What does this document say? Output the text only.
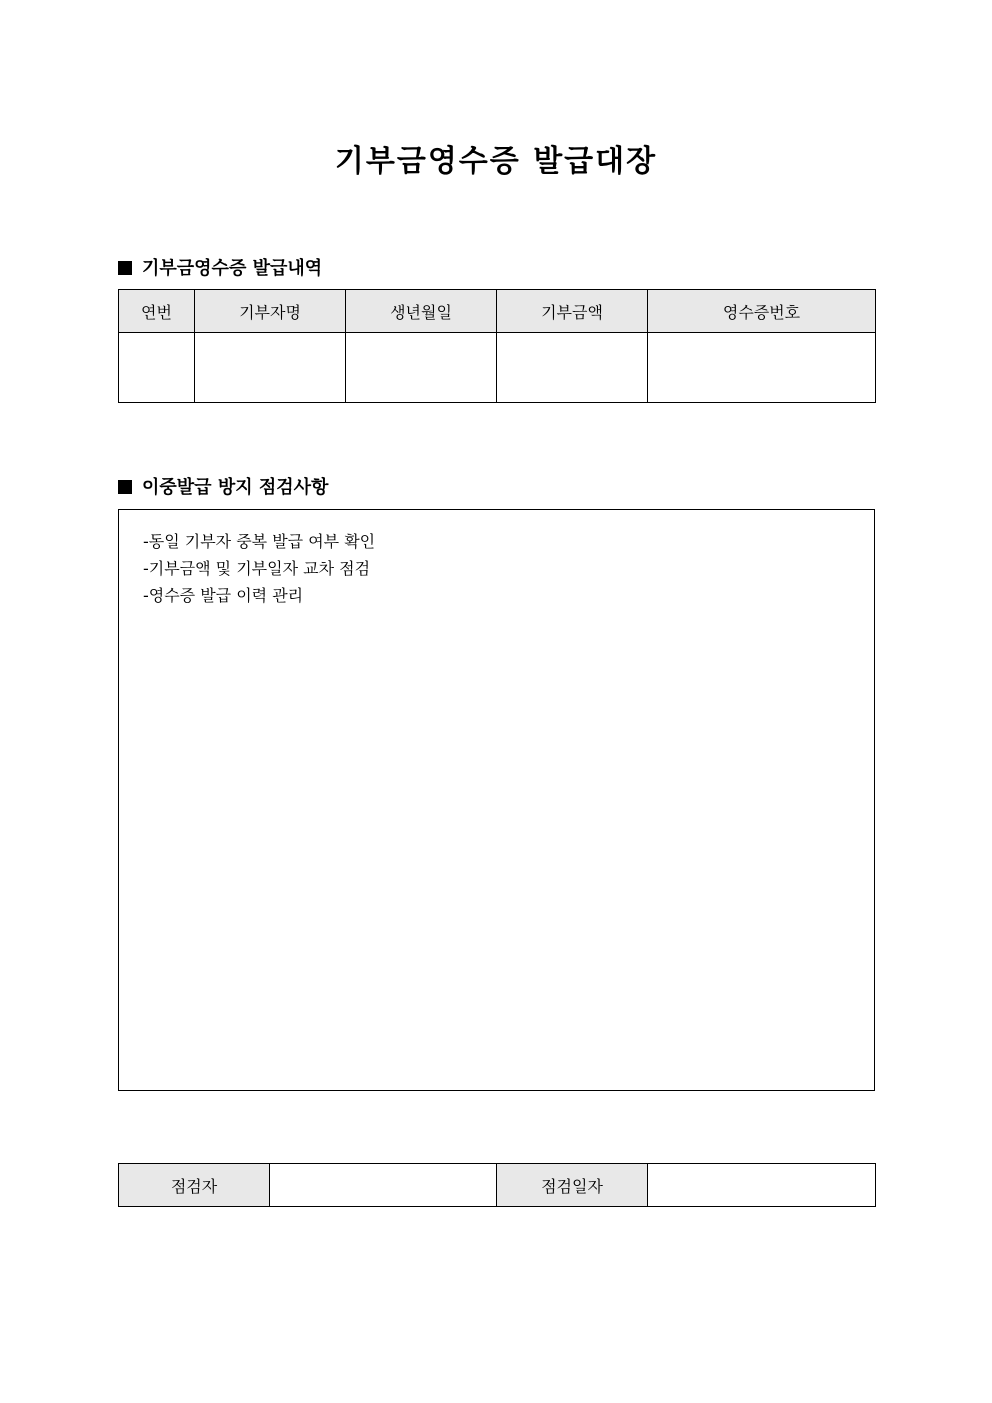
기부금영수증 발급대장
기부금영수증 발급내역
연번	기부자명	생년월일	기부금액	영수증번호

이중발급 방지 점검사항
-동일 기부자 중복 발급 여부 확인
-기부금액 및 기부일자 교차 점검
-영수증 발급 이력 관리
점검자		점검일자	
